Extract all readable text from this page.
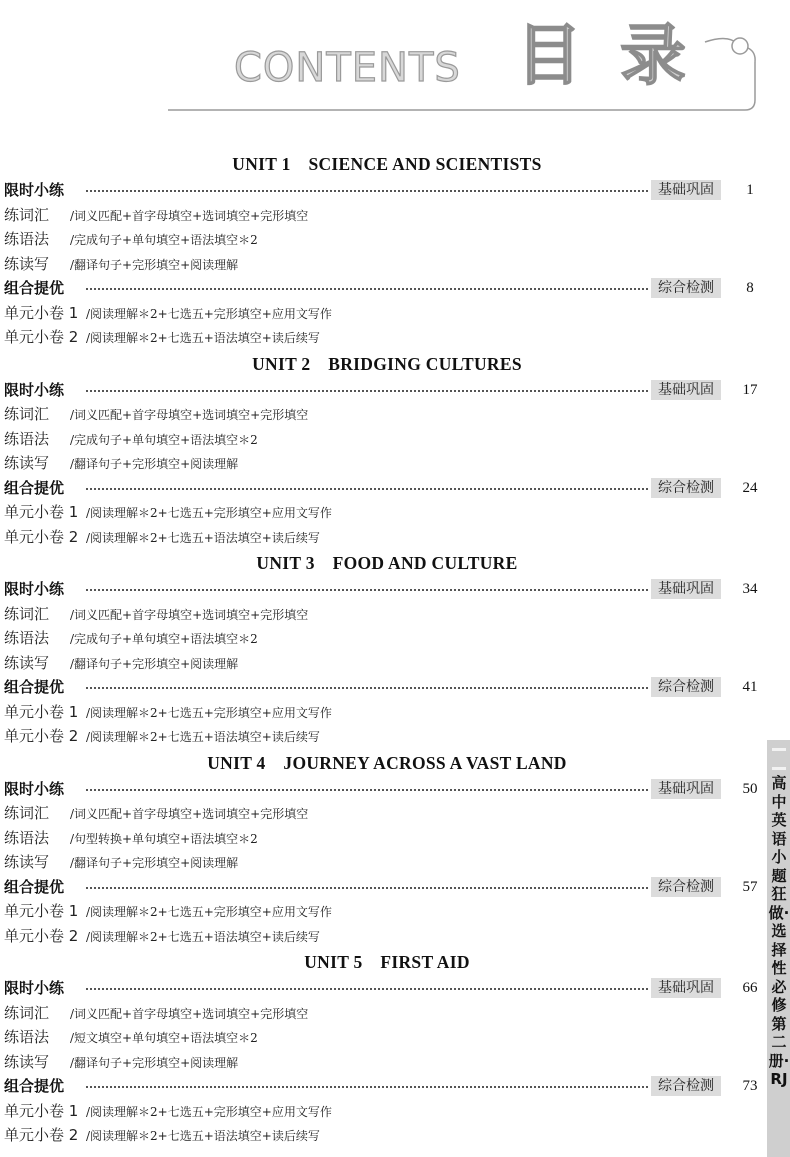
CONTENTS 目 录
UNIT 1　SCIENCE AND SCIENTISTS
限时小练	基础巩固	1
练词汇 /词义匹配+首字母填空+选词填空+完形填空
练语法 /完成句子+单句填空+语法填空＊2
练读写 /翻译句子+完形填空+阅读理解
组合提优	综合检测	8
单元小卷 1 /阅读理解＊2+七选五+完形填空+应用文写作
单元小卷 2 /阅读理解＊2+七选五+语法填空+读后续写
UNIT 2　BRIDGING CULTURES
限时小练	基础巩固	17
练词汇 /词义匹配+首字母填空+选词填空+完形填空
练语法 /完成句子+单句填空+语法填空＊2
练读写 /翻译句子+完形填空+阅读理解
组合提优	综合检测	24
单元小卷 1 /阅读理解＊2+七选五+完形填空+应用文写作
单元小卷 2 /阅读理解＊2+七选五+语法填空+读后续写
UNIT 3　FOOD AND CULTURE
限时小练	基础巩固	34
练词汇 /词义匹配+首字母填空+选词填空+完形填空
练语法 /完成句子+单句填空+语法填空＊2
练读写 /翻译句子+完形填空+阅读理解
组合提优	综合检测	41
单元小卷 1 /阅读理解＊2+七选五+完形填空+应用文写作
单元小卷 2 /阅读理解＊2+七选五+语法填空+读后续写
UNIT 4　JOURNEY ACROSS A VAST LAND
限时小练	基础巩固	50
练词汇 /词义匹配+首字母填空+选词填空+完形填空
练语法 /句型转换+单句填空+语法填空＊2
练读写 /翻译句子+完形填空+阅读理解
组合提优	综合检测	57
单元小卷 1 /阅读理解＊2+七选五+完形填空+应用文写作
单元小卷 2 /阅读理解＊2+七选五+语法填空+读后续写
UNIT 5　FIRST AID
限时小练	基础巩固	66
练词汇 /词义匹配+首字母填空+选词填空+完形填空
练语法 /短文填空+单句填空+语法填空＊2
练读写 /翻译句子+完形填空+阅读理解
组合提优	综合检测	73
单元小卷 1 /阅读理解＊2+七选五+完形填空+应用文写作
单元小卷 2 /阅读理解＊2+七选五+语法填空+读后续写
高中英语 小题狂做·选择性必修第二册·RJ
